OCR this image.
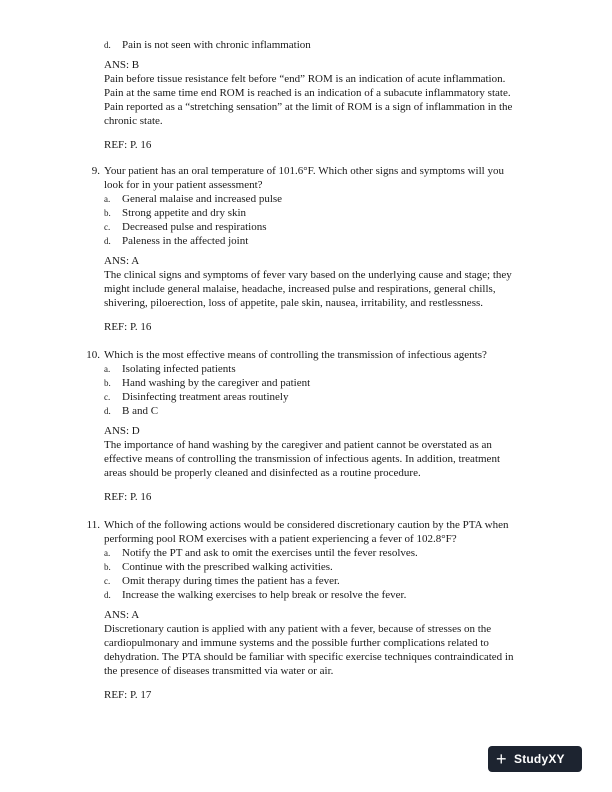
d. Pain is not seen with chronic inflammation
ANS: B
Pain before tissue resistance felt before “end” ROM is an indication of acute inflammation.
Pain at the same time end ROM is reached is an indication of a subacute inflammatory state.
Pain reported as a “stretching sensation” at the limit of ROM is a sign of inflammation in the
chronic state.
REF: P. 16
9. Your patient has an oral temperature of 101.6°F. Which other signs and symptoms will you
look for in your patient assessment?
a. General malaise and increased pulse
b. Strong appetite and dry skin
c. Decreased pulse and respirations
d. Paleness in the affected joint
ANS: A
The clinical signs and symptoms of fever vary based on the underlying cause and stage; they
might include general malaise, headache, increased pulse and respirations, general chills,
shivering, piloerection, loss of appetite, pale skin, nausea, irritability, and restlessness.
REF: P. 16
10. Which is the most effective means of controlling the transmission of infectious agents?
a. Isolating infected patients
b. Hand washing by the caregiver and patient
c. Disinfecting treatment areas routinely
d. B and C
ANS: D
The importance of hand washing by the caregiver and patient cannot be overstated as an
effective means of controlling the transmission of infectious agents. In addition, treatment
areas should be properly cleaned and disinfected as a routine procedure.
REF: P. 16
11. Which of the following actions would be considered discretionary caution by the PTA when
performing pool ROM exercises with a patient experiencing a fever of 102.8°F?
a. Notify the PT and ask to omit the exercises until the fever resolves.
b. Continue with the prescribed walking activities.
c. Omit therapy during times the patient has a fever.
d. Increase the walking exercises to help break or resolve the fever.
ANS: A
Discretionary caution is applied with any patient with a fever, because of stresses on the
cardiopulmonary and immune systems and the possible further complications related to
dehydration. The PTA should be familiar with specific exercise techniques contraindicated in
the presence of diseases transmitted via water or air.
REF: P. 17
+ StudyXY
